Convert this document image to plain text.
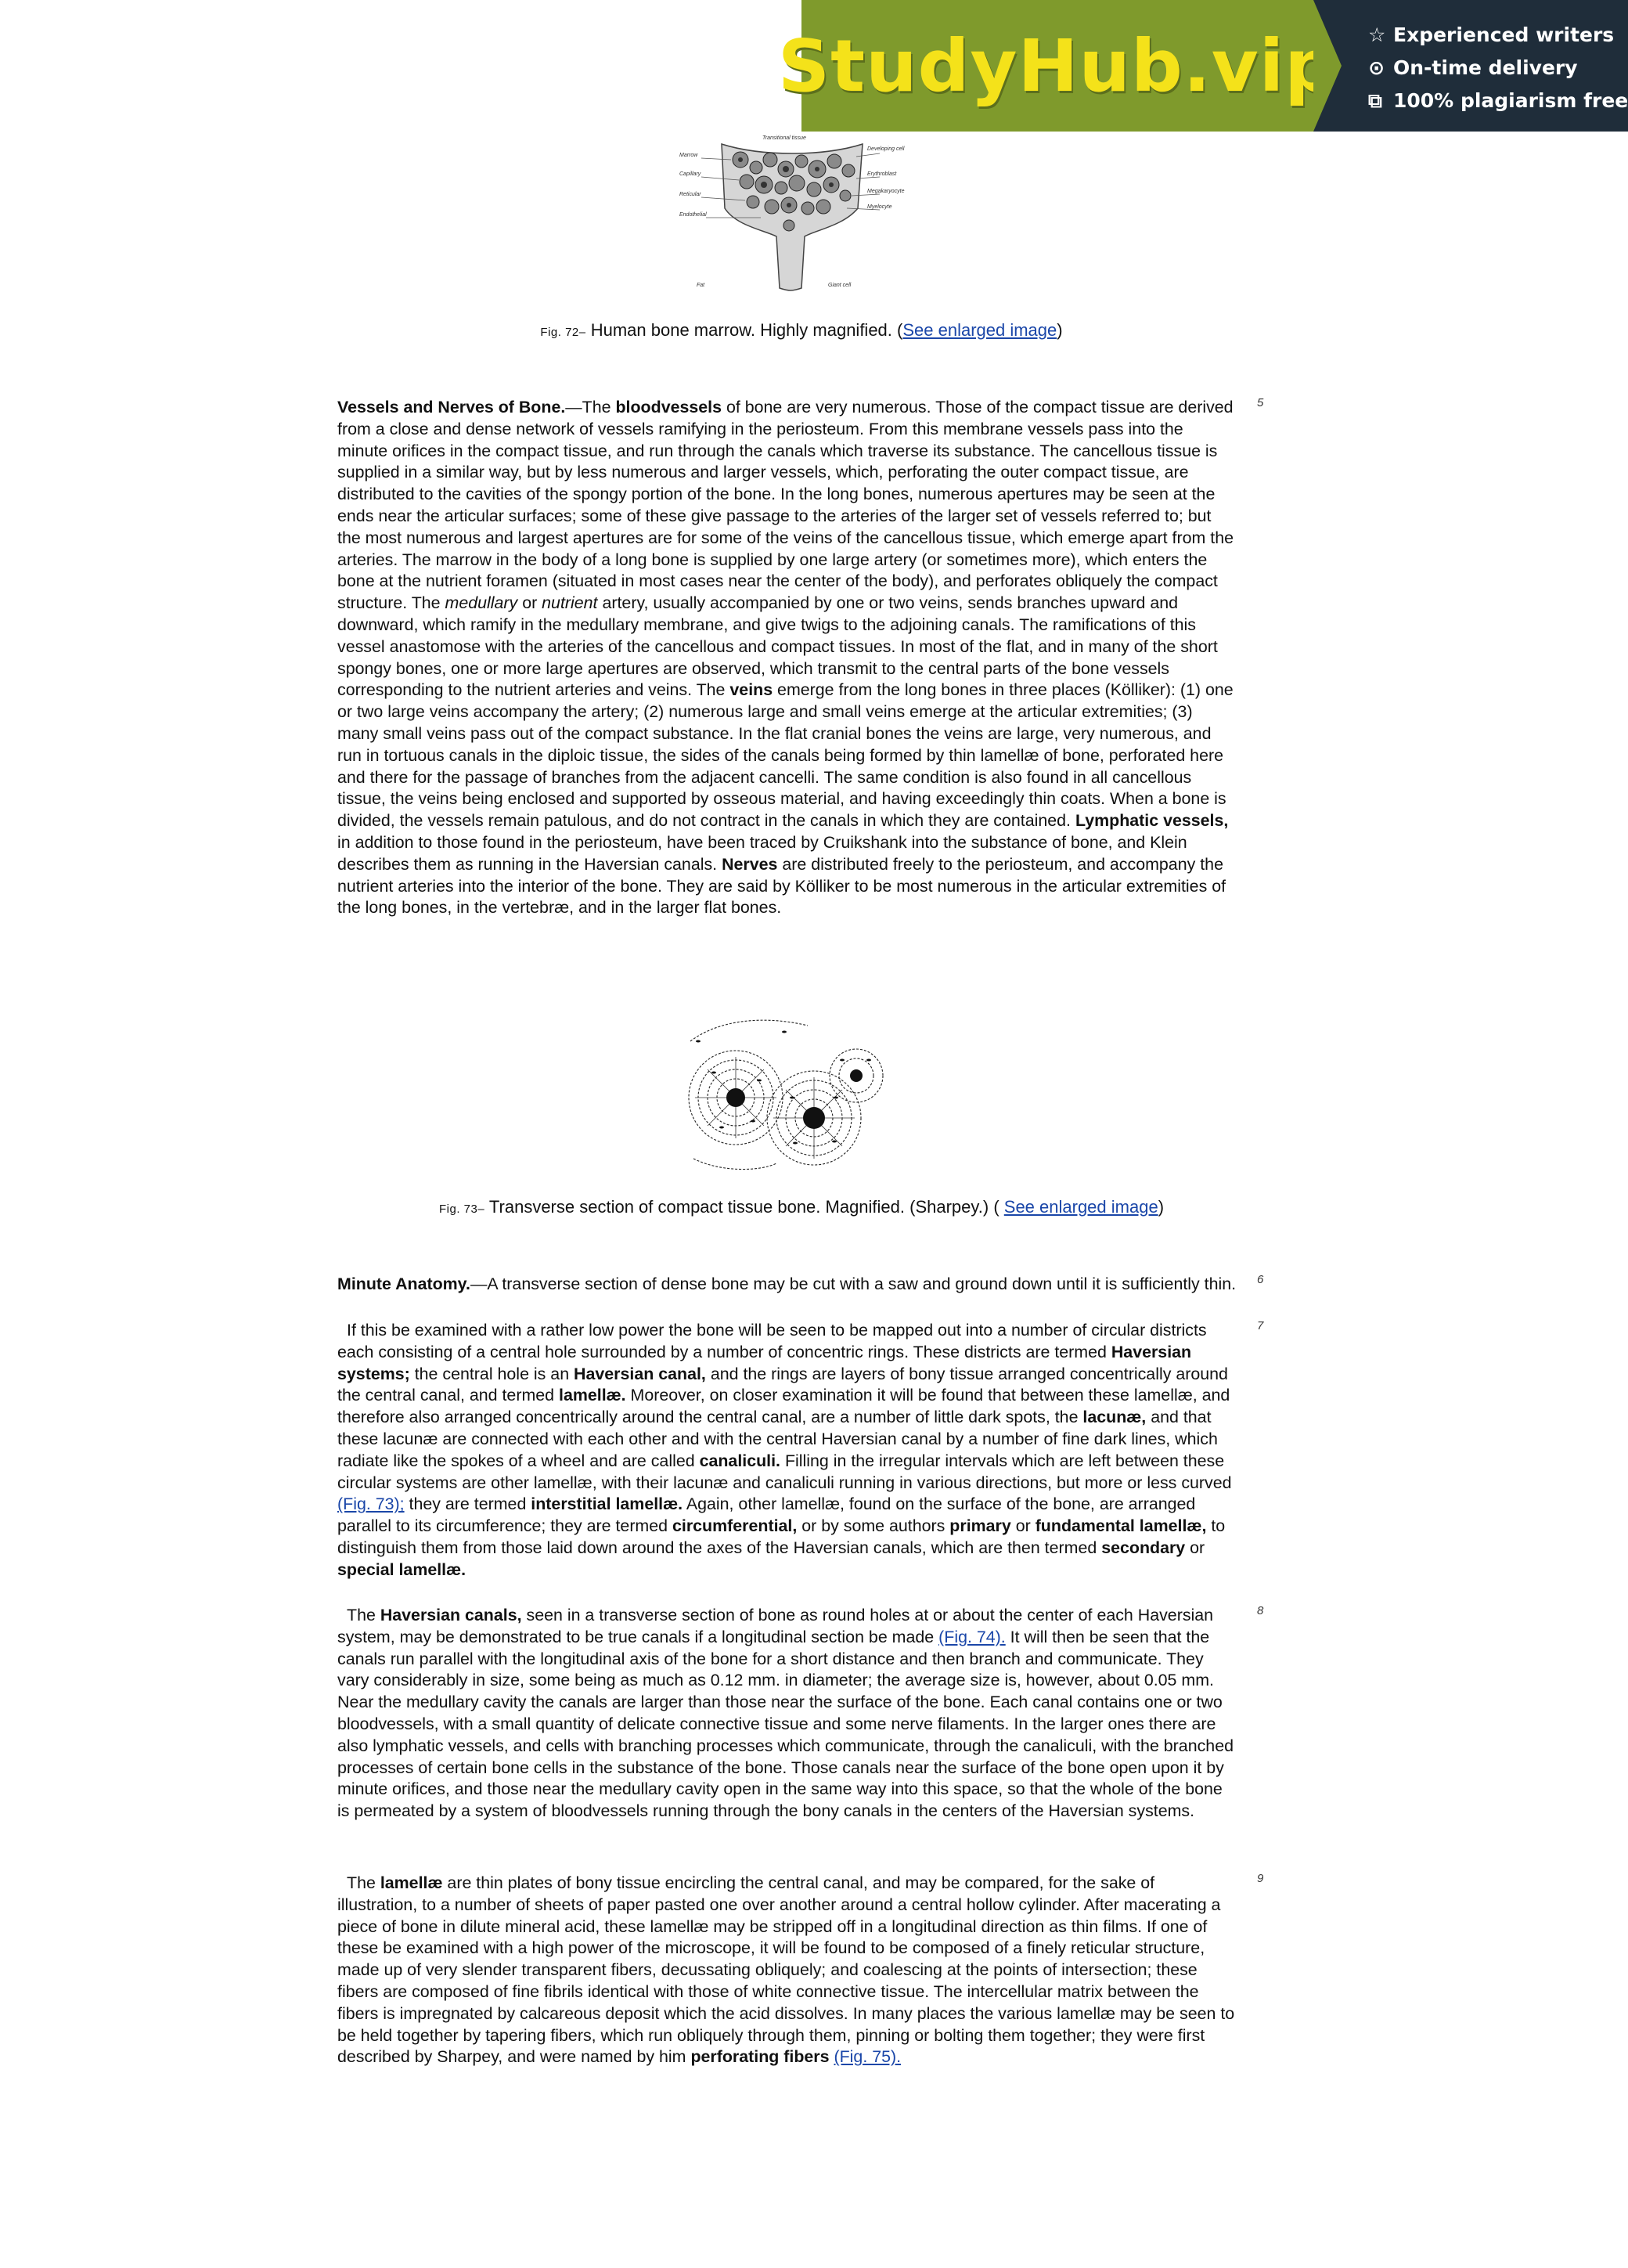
StudyHub.vip ☆ Experienced writers
⊙ On-time delivery
⧉ 100% plagiarism free
Transitional tissue
Marrow
Capillary
Reticular
Endothelial
Fat
Developing cell
Erythroblast
Megakaryocyte
Myelocyte
Giant cell
Fig. 72– Human bone marrow. Highly magnified. (See enlarged image)
Vessels and Nerves of Bone.—The bloodvessels of bone are very numerous. Those of the compact tissue are derived from a close and dense network of vessels ramifying in the periosteum. From this membrane vessels pass into the minute orifices in the compact tissue, and run through the canals which traverse its substance. The cancellous tissue is supplied in a similar way, but by less numerous and larger vessels, which, perforating the outer compact tissue, are distributed to the cavities of the spongy portion of the bone. In the long bones, numerous apertures may be seen at the ends near the articular surfaces; some of these give passage to the arteries of the larger set of vessels referred to; but the most numerous and largest apertures are for some of the veins of the cancellous tissue, which emerge apart from the arteries. The marrow in the body of a long bone is supplied by one large artery (or sometimes more), which enters the bone at the nutrient foramen (situated in most cases near the center of the body), and perforates obliquely the compact structure. The medullary or nutrient artery, usually accompanied by one or two veins, sends branches upward and downward, which ramify in the medullary membrane, and give twigs to the adjoining canals. The ramifications of this vessel anastomose with the arteries of the cancellous and compact tissues. In most of the flat, and in many of the short spongy bones, one or more large apertures are observed, which transmit to the central parts of the bone vessels corresponding to the nutrient arteries and veins. The veins emerge from the long bones in three places (Kölliker): (1) one or two large veins accompany the artery; (2) numerous large and small veins emerge at the articular extremities; (3) many small veins pass out of the compact substance. In the flat cranial bones the veins are large, very numerous, and run in tortuous canals in the diploic tissue, the sides of the canals being formed by thin lamellæ of bone, perforated here and there for the passage of branches from the adjacent cancelli. The same condition is also found in all cancellous tissue, the veins being enclosed and supported by osseous material, and having exceedingly thin coats. When a bone is divided, the vessels remain patulous, and do not contract in the canals in which they are contained. Lymphatic vessels, in addition to those found in the periosteum, have been traced by Cruikshank into the substance of bone, and Klein describes them as running in the Haversian canals. Nerves are distributed freely to the periosteum, and accompany the nutrient arteries into the interior of the bone. They are said by Kölliker to be most numerous in the articular extremities of the long bones, in the vertebræ, and in the larger flat bones.
5
Fig. 73– Transverse section of compact tissue bone. Magnified. (Sharpey.) ( See enlarged image)
Minute Anatomy.—A transverse section of dense bone may be cut with a saw and ground down until it is sufficiently thin. 6
If this be examined with a rather low power the bone will be seen to be mapped out into a number of circular districts each consisting of a central hole surrounded by a number of concentric rings. These districts are termed Haversian systems; the central hole is an Haversian canal, and the rings are layers of bony tissue arranged concentrically around the central canal, and termed lamellæ. Moreover, on closer examination it will be found that between these lamellæ, and therefore also arranged concentrically around the central canal, are a number of little dark spots, the lacunæ, and that these lacunæ are connected with each other and with the central Haversian canal by a number of fine dark lines, which radiate like the spokes of a wheel and are called canaliculi. Filling in the irregular intervals which are left between these circular systems are other lamellæ, with their lacunæ and canaliculi running in various directions, but more or less curved (Fig. 73); they are termed interstitial lamellæ. Again, other lamellæ, found on the surface of the bone, are arranged parallel to its circumference; they are termed circumferential, or by some authors primary or fundamental lamellæ, to distinguish them from those laid down around the axes of the Haversian canals, which are then termed secondary or special lamellæ.
7
The Haversian canals, seen in a transverse section of bone as round holes at or about the center of each Haversian system, may be demonstrated to be true canals if a longitudinal section be made (Fig. 74). It will then be seen that the canals run parallel with the longitudinal axis of the bone for a short distance and then branch and communicate. They vary considerably in size, some being as much as 0.12 mm. in diameter; the average size is, however, about 0.05 mm. Near the medullary cavity the canals are larger than those near the surface of the bone. Each canal contains one or two bloodvessels, with a small quantity of delicate connective tissue and some nerve filaments. In the larger ones there are also lymphatic vessels, and cells with branching processes which communicate, through the canaliculi, with the branched processes of certain bone cells in the substance of the bone. Those canals near the surface of the bone open upon it by minute orifices, and those near the medullary cavity open in the same way into this space, so that the whole of the bone is permeated by a system of bloodvessels running through the bony canals in the centers of the Haversian systems.
8
The lamellæ are thin plates of bony tissue encircling the central canal, and may be compared, for the sake of illustration, to a number of sheets of paper pasted one over another around a central hollow cylinder. After macerating a piece of bone in dilute mineral acid, these lamellæ may be stripped off in a longitudinal direction as thin films. If one of these be examined with a high power of the microscope, it will be found to be composed of a finely reticular structure, made up of very slender transparent fibers, decussating obliquely; and coalescing at the points of intersection; these fibers are composed of fine fibrils identical with those of white connective tissue. The intercellular matrix between the fibers is impregnated by calcareous deposit which the acid dissolves. In many places the various lamellæ may be seen to be held together by tapering fibers, which run obliquely through them, pinning or bolting them together; they were first described by Sharpey, and were named by him perforating fibers (Fig. 75).
9
